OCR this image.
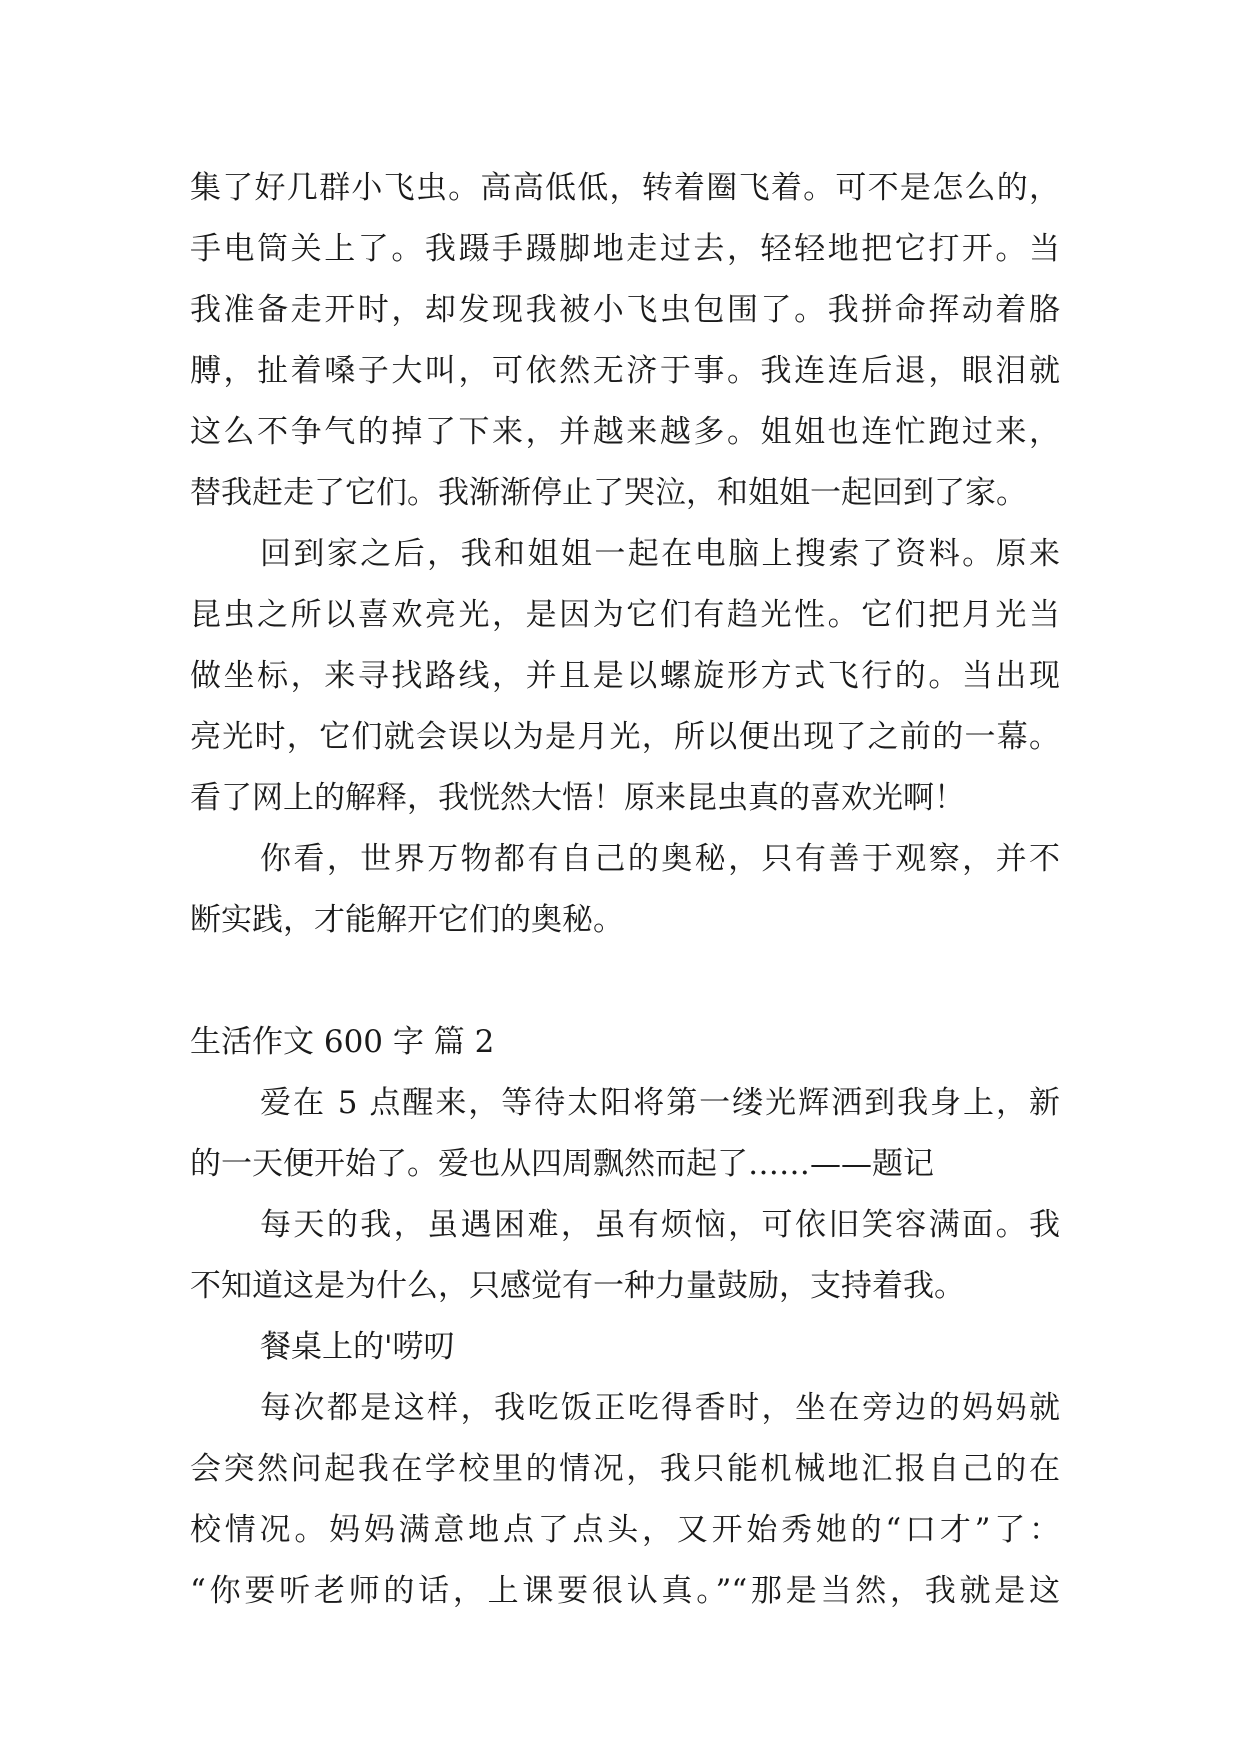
集了好几群小飞虫。高高低低，转着圈飞着。可不是怎么的，
手电筒关上了。我蹑手蹑脚地走过去，轻轻地把它打开。当
我准备走开时，却发现我被小飞虫包围了。我拼命挥动着胳
膊，扯着嗓子大叫，可依然无济于事。我连连后退，眼泪就
这么不争气的掉了下来，并越来越多。姐姐也连忙跑过来，
替我赶走了它们。我渐渐停止了哭泣，和姐姐一起回到了家。
回到家之后，我和姐姐一起在电脑上搜索了资料。原来
昆虫之所以喜欢亮光，是因为它们有趋光性。它们把月光当
做坐标，来寻找路线，并且是以螺旋形方式飞行的。当出现
亮光时，它们就会误以为是月光，所以便出现了之前的一幕。
看了网上的解释，我恍然大悟！原来昆虫真的喜欢光啊！
你看，世界万物都有自己的奥秘，只有善于观察，并不
断实践，才能解开它们的奥秘。
生活作文 600 字 篇 2
爱在 5 点醒来，等待太阳将第一缕光辉洒到我身上，新
的一天便开始了。爱也从四周飘然而起了……——题记
每天的我，虽遇困难，虽有烦恼，可依旧笑容满面。我
不知道这是为什么，只感觉有一种力量鼓励，支持着我。
餐桌上的'唠叨
每次都是这样，我吃饭正吃得香时，坐在旁边的妈妈就
会突然问起我在学校里的情况，我只能机械地汇报自己的在
校情况。妈妈满意地点了点头，又开始秀她的“口才”了：
“你要听老师的话，上课要很认真。”“那是当然，我就是这
